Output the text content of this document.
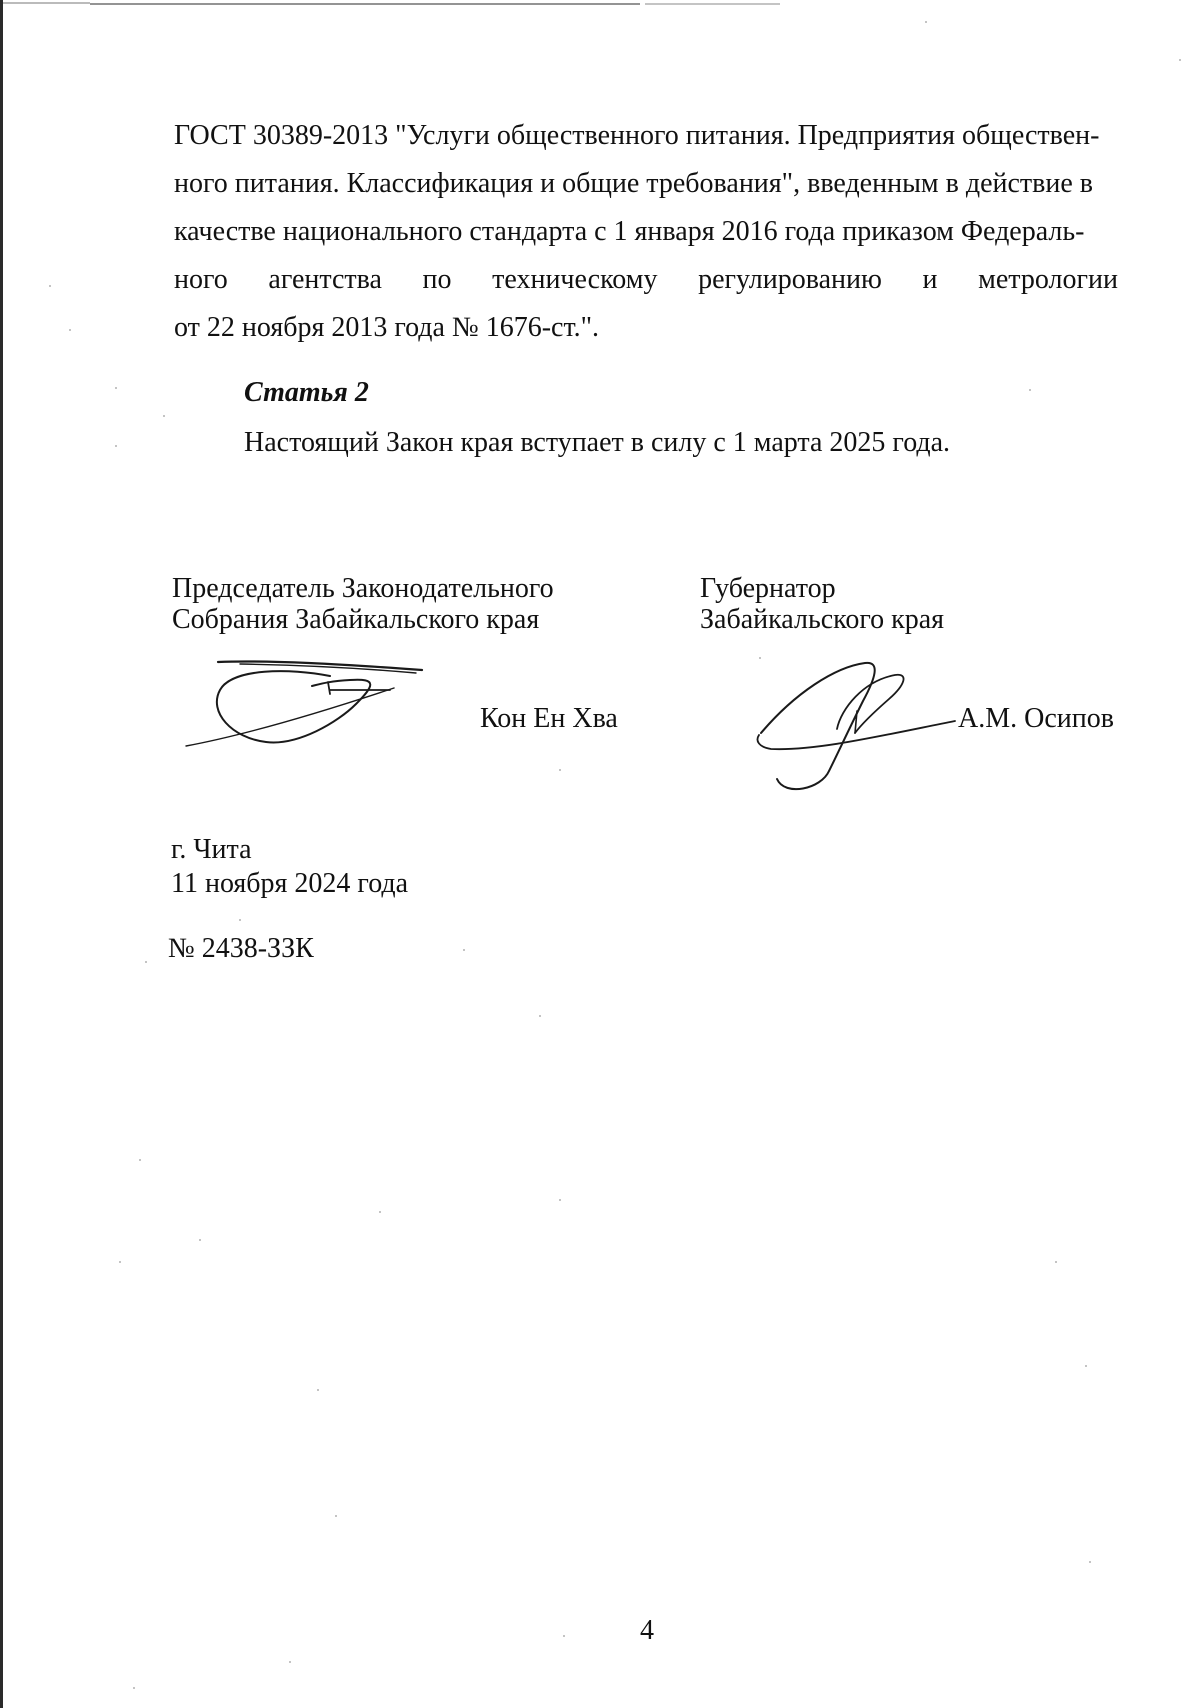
ГОСТ 30389-2013 "Услуги общественного питания. Предприятия обществен-
ного питания. Классификация и общие требования", введенным в действие в
качестве национального стандарта с 1 января 2016 года приказом Федераль-
ного агентства по техническому регулированию и метрологии
от 22 ноября 2013 года № 1676-ст.".
Статья 2
Настоящий Закон края вступает в силу с 1 марта 2025 года.
Председатель Законодательного
Собрания Забайкальского края
Губернатор
Забайкальского края
Кон Ен Хва	А.М. Осипов
г. Чита
11 ноября 2024 года
№ 2438-ЗЗК
4
